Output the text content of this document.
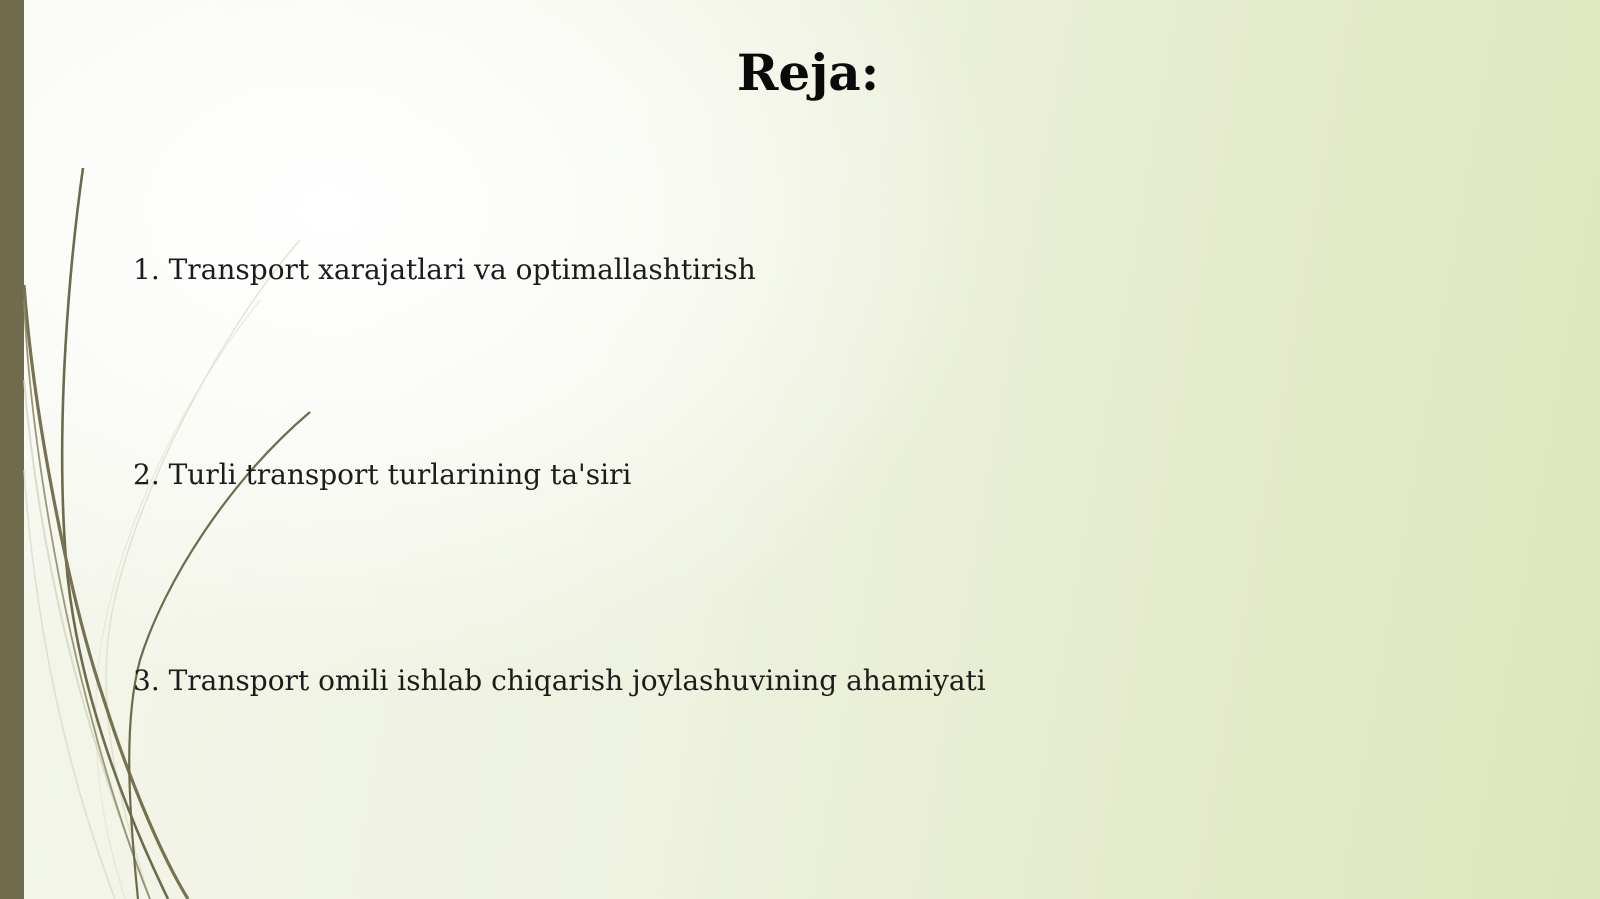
Reja:
1. Transport xarajatlari va optimallashtirish
2. Turli transport turlarining ta'siri
3. Transport omili ishlab chiqarish joylashuvining ahamiyati
